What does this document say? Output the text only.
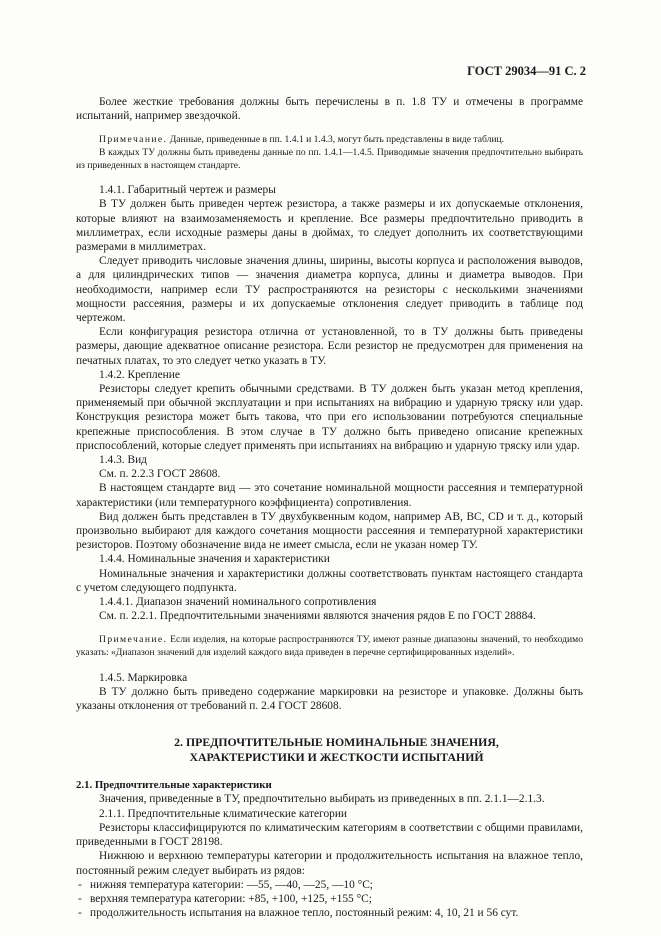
ГОСТ 29034—91 С. 2

Более жесткие требования должны быть перечислены в п. 1.8 ТУ и отмечены в программе испытаний, например звездочкой.

Примечание. Данные, приведенные в пп. 1.4.1 и 1.4.3, могут быть представлены в виде таблиц.

В каждых ТУ должны быть приведены данные по пп. 1.4.1—1.4.5. Приводимые значения предпочтительно выбирать из приведенных в настоящем стандарте.

1.4.1. Габаритный чертеж и размеры

В ТУ должен быть приведен чертеж резистора, а также размеры и их допускаемые отклонения, которые влияют на взаимозаменяемость и крепление. Все размеры предпочтительно приводить в миллиметрах, если исходные размеры даны в дюймах, то следует дополнить их соответствующими размерами в миллиметрах.

Следует приводить числовые значения длины, ширины, высоты корпуса и расположения выводов, а для цилиндрических типов — значения диаметра корпуса, длины и диаметра выводов. При необходимости, например если ТУ распространяются на резисторы с несколькими значениями мощности рассеяния, размеры и их допускаемые отклонения следует приводить в таблице под чертежом.

Если конфигурация резистора отлична от установленной, то в ТУ должны быть приведены размеры, дающие адекватное описание резистора. Если резистор не предусмотрен для применения на печатных платах, то это следует четко указать в ТУ.

1.4.2. Крепление

Резисторы следует крепить обычными средствами. В ТУ должен быть указан метод крепления, применяемый при обычной эксплуатации и при испытаниях на вибрацию и ударную тряску или удар. Конструкция резистора может быть такова, что при его использовании потребуются специальные крепежные приспособления. В этом случае в ТУ должно быть приведено описание крепежных приспособлений, которые следует применять при испытаниях на вибрацию и ударную тряску или удар.

1.4.3. Вид

См. п. 2.2.3 ГОСТ 28608.

В настоящем стандарте вид — это сочетание номинальной мощности рассеяния и температурной характеристики (или температурного коэффициента) сопротивления.

Вид должен быть представлен в ТУ двухбуквенным кодом, например АВ, ВС, CD и т. д., который произвольно выбирают для каждого сочетания мощности рассеяния и температурной характеристики резисторов. Поэтому обозначение вида не имеет смысла, если не указан номер ТУ.

1.4.4. Номинальные значения и характеристики

Номинальные значения и характеристики должны соответствовать пунктам настоящего стандарта с учетом следующего подпункта.

1.4.4.1. Диапазон значений номинального сопротивления

См. п. 2.2.1. Предпочтительными значениями являются значения рядов Е по ГОСТ 28884.

Примечание. Если изделия, на которые распространяются ТУ, имеют разные диапазоны значений, то необходимо указать: «Диапазон значений для изделий каждого вида приведен в перечне сертифицированных изделий».

1.4.5. Маркировка

В ТУ должно быть приведено содержание маркировки на резисторе и упаковке. Должны быть указаны отклонения от требований п. 2.4 ГОСТ 28608.

2. ПРЕДПОЧТИТЕЛЬНЫЕ НОМИНАЛЬНЫЕ ЗНАЧЕНИЯ,
ХАРАКТЕРИСТИКИ И ЖЕСТКОСТИ ИСПЫТАНИЙ

2.1. Предпочтительные характеристики

Значения, приведенные в ТУ, предпочтительно выбирать из приведенных в пп. 2.1.1—2.1.3.

2.1.1. Предпочтительные климатические категории

Резисторы классифицируются по климатическим категориям в соответствии с общими правилами, приведенными в ГОСТ 28198.

Нижнюю и верхнюю температуры категории и продолжительность испытания на влажное тепло, постоянный режим следует выбирать из рядов:

- нижняя температура категории: —55, —40, —25, —10 °С;

- верхняя температура категории: +85, +100, +125, +155 °С;

- продолжительность испытания на влажное тепло, постоянный режим: 4, 10, 21 и 56 сут.
